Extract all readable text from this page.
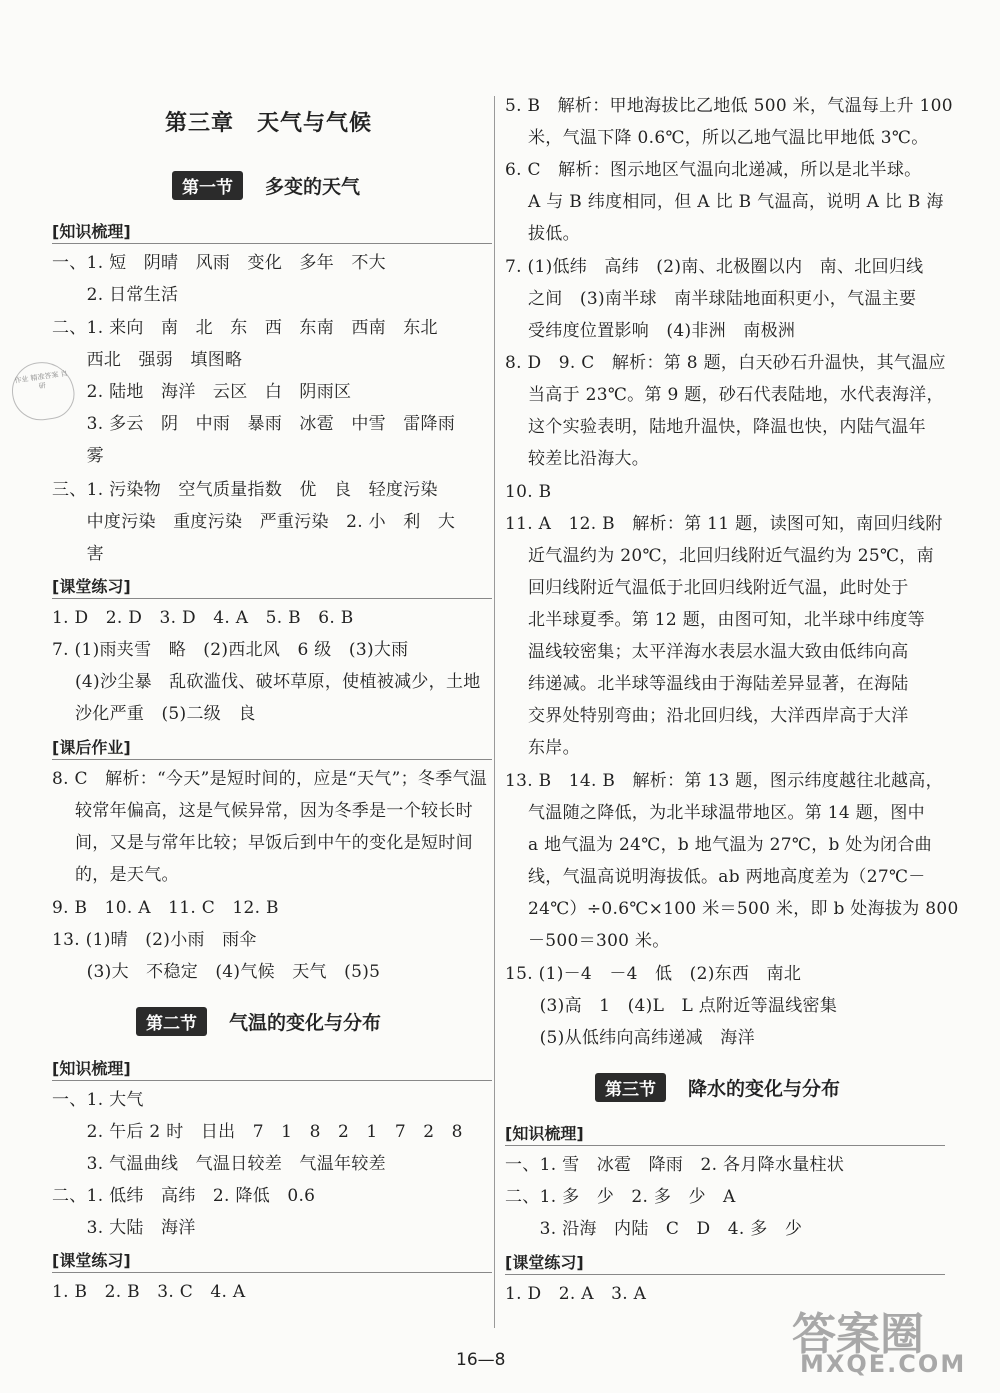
第三章　天气与气候
第一节	多变的天气
[知识梳理]
一、1. 短　阴晴　风雨　变化　多年　不大
　　2. 日常生活
二、1. 来向　南　北　东　西　东南　西南　东北
　　西北　强弱　填图略
　　2. 陆地　海洋　云区　白　阴雨区
　　3. 多云　阴　中雨　暴雨　冰雹　中雪　雷降雨
　　雾
三、1. 污染物　空气质量指数　优　良　轻度污染
　　中度污染　重度污染　严重污染　2. 小　利　大
　　害
[课堂练习]
1. D　2. D　3. D　4. A　5. B　6. B
7. (1)雨夹雪　略　(2)西北风　6 级　(3)大雨
　 (4)沙尘暴　乱砍滥伐、破坏草原，使植被减少，土地
　 沙化严重　(5)二级　良
[课后作业]
8. C　解析：“今天”是短时间的，应是“天气”；冬季气温
　 较常年偏高，这是气候异常，因为冬季是一个较长时
　 间，又是与常年比较；早饭后到中午的变化是短时间
　 的，是天气。
9. B　10. A　11. C　12. B
13. (1)晴　(2)小雨　雨伞
　　(3)大　不稳定　(4)气候　天气　(5)5
第二节	气温的变化与分布
[知识梳理]
一、1. 大气
　　2. 午后 2 时　日出　7　1　8　2　1　7　2　8
　　3. 气温曲线　气温日较差　气温年较差
二、1. 低纬　高纬　2. 降低　0.6
　　3. 大陆　海洋
[课堂练习]
1. B　2. B　3. C　4. A
作业 精准答案 自研
5. B　解析：甲地海拔比乙地低 500 米，气温每上升 100
　 米，气温下降 0.6℃，所以乙地气温比甲地低 3℃。
6. C　解析：图示地区气温向北递减，所以是北半球。
　 A 与 B 纬度相同，但 A 比 B 气温高，说明 A 比 B 海
　 拔低。
7. (1)低纬　高纬　(2)南、北极圈以内　南、北回归线
　 之间　(3)南半球　南半球陆地面积更小，气温主要
　 受纬度位置影响　(4)非洲　南极洲
8. D　9. C　解析：第 8 题，白天砂石升温快，其气温应
　 当高于 23℃。第 9 题，砂石代表陆地，水代表海洋，
　 这个实验表明，陆地升温快，降温也快，内陆气温年
　 较差比沿海大。
10. B
11. A　12. B　解析：第 11 题，读图可知，南回归线附
　 近气温约为 20℃，北回归线附近气温约为 25℃，南
　 回归线附近气温低于北回归线附近气温，此时处于
　 北半球夏季。第 12 题，由图可知，北半球中纬度等
　 温线较密集；太平洋海水表层水温大致由低纬向高
　 纬递减。北半球等温线由于海陆差异显著，在海陆
　 交界处特别弯曲；沿北回归线，大洋西岸高于大洋
　 东岸。
13. B　14. B　解析：第 13 题，图示纬度越往北越高，
　 气温随之降低，为北半球温带地区。第 14 题，图中
　 a 地气温为 24℃，b 地气温为 27℃，b 处为闭合曲
　 线，气温高说明海拔低。ab 两地高度差为（27℃－
　 24℃）÷0.6℃×100 米＝500 米，即 b 处海拔为 800
　 －500＝300 米。
15. (1)－4　－4　低　(2)东西　南北
　　(3)高　1　(4)L　L 点附近等温线密集
　　(5)从低纬向高纬递减　海洋
第三节	降水的变化与分布
[知识梳理]
一、1. 雪　冰雹　降雨　2. 各月降水量柱状
二、1. 多　少　2. 多　少　A
　　3. 沿海　内陆　C　D　4. 多　少
[课堂练习]
1. D　2. A　3. A
16—8	答案圈
MXQE.COM
